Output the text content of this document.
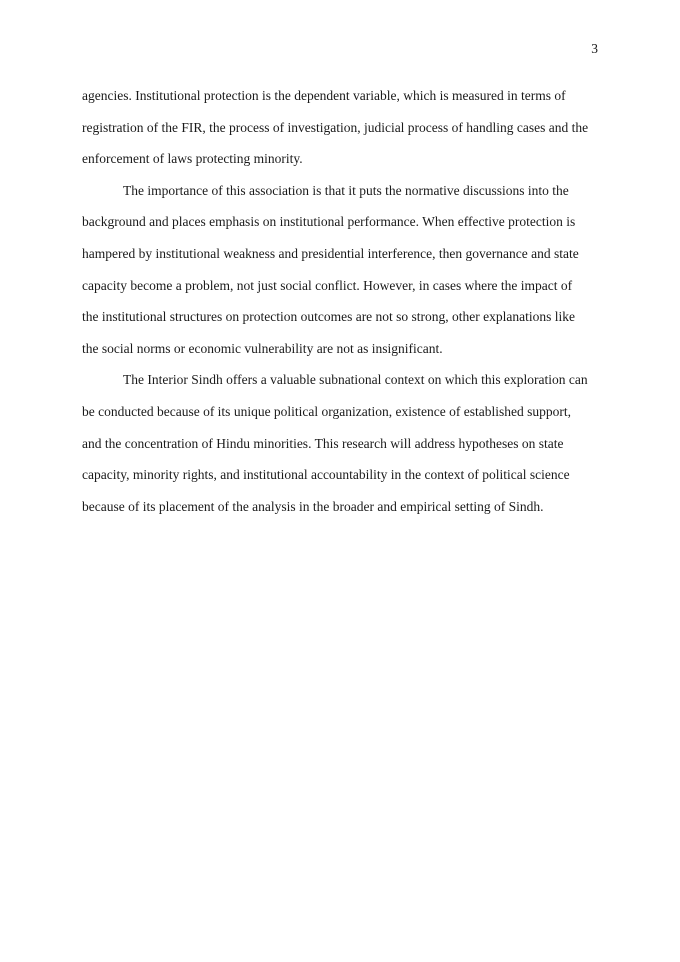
3

agencies. Institutional protection is the dependent variable, which is measured in terms of
registration of the FIR, the process of investigation, judicial process of handling cases and the
enforcement of laws protecting minority.

The importance of this association is that it puts the normative discussions into the
background and places emphasis on institutional performance. When effective protection is
hampered by institutional weakness and presidential interference, then governance and state
capacity become a problem, not just social conflict. However, in cases where the impact of
the institutional structures on protection outcomes are not so strong, other explanations like
the social norms or economic vulnerability are not as insignificant.

The Interior Sindh offers a valuable subnational context on which this exploration can
be conducted because of its unique political organization, existence of established support,
and the concentration of Hindu minorities. This research will address hypotheses on state
capacity, minority rights, and institutional accountability in the context of political science
because of its placement of the analysis in the broader and empirical setting of Sindh.
